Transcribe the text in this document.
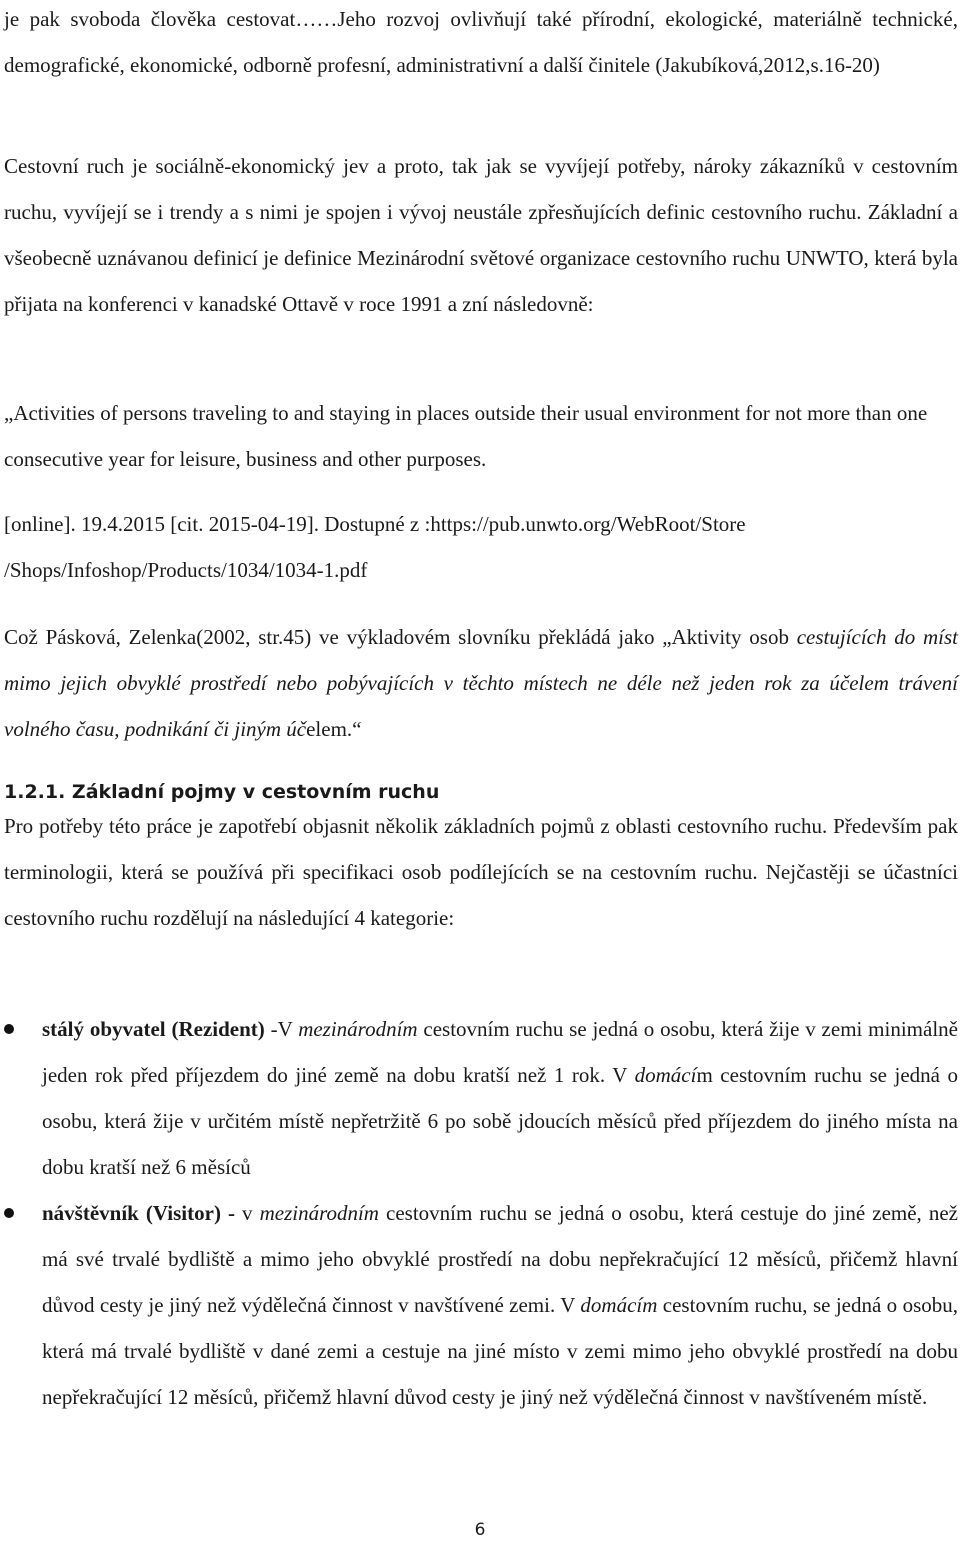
je pak svoboda člověka cestovat……Jeho rozvoj ovlivňují také přírodní, ekologické, materiálně technické, demografické, ekonomické, odborně profesní, administrativní a další činitele (Jakubíková,2012,s.16-20)

Cestovní ruch je sociálně-ekonomický jev a proto, tak jak se vyvíjejí potřeby, nároky zákazníků v cestovním ruchu, vyvíjejí se i trendy a s nimi je spojen i vývoj neustále zpřesňujících definic cestovního ruchu. Základní a všeobecně uznávanou definicí je definice Mezinárodní světové organizace cestovního ruchu UNWTO, která byla přijata na konferenci v kanadské Ottavě v roce 1991 a zní následovně:

„Activities of persons traveling to and staying in places outside their usual environment for not more than one consecutive year for leisure, business and other purposes.

[online]. 19.4.2015 [cit. 2015-04-19]. Dostupné z :https://pub.unwto.org/WebRoot/Store
/Shops/Infoshop/Products/1034/1034-1.pdf

Což Pásková, Zelenka(2002, str.45) ve výkladovém slovníku překládá jako „Aktivity osob cestujících do míst mimo jejich obvyklé prostředí nebo pobývajících v těchto místech ne déle než jeden rok za účelem trávení volného času, podnikání či jiným účelem.“

1.2.1. Základní pojmy v cestovním ruchu

Pro potřeby této práce je zapotřebí objasnit několik základních pojmů z oblasti cestovního ruchu. Především pak terminologii, která se používá při specifikaci osob podílejících se na cestovním ruchu. Nejčastěji se účastníci cestovního ruchu rozdělují na následující 4 kategorie:

stálý obyvatel (Rezident) -V mezinárodním cestovním ruchu se jedná o osobu, která žije v zemi minimálně jeden rok před příjezdem do jiné země na dobu kratší než 1 rok. V domácím cestovním ruchu se jedná o osobu, která žije v určitém místě nepřetržitě 6 po sobě jdoucích měsíců před příjezdem do jiného místa na dobu kratší než 6 měsíců
návštěvník (Visitor) - v mezinárodním cestovním ruchu se jedná o osobu, která cestuje do jiné země, než má své trvalé bydliště a mimo jeho obvyklé prostředí na dobu nepřekračující 12 měsíců, přičemž hlavní důvod cesty je jiný než výdělečná činnost v navštívené zemi. V domácím cestovním ruchu, se jedná o osobu, která má trvalé bydliště v dané zemi a cestuje na jiné místo v zemi mimo jeho obvyklé prostředí na dobu nepřekračující 12 měsíců, přičemž hlavní důvod cesty je jiný než výdělečná činnost v navštíveném místě.
6
